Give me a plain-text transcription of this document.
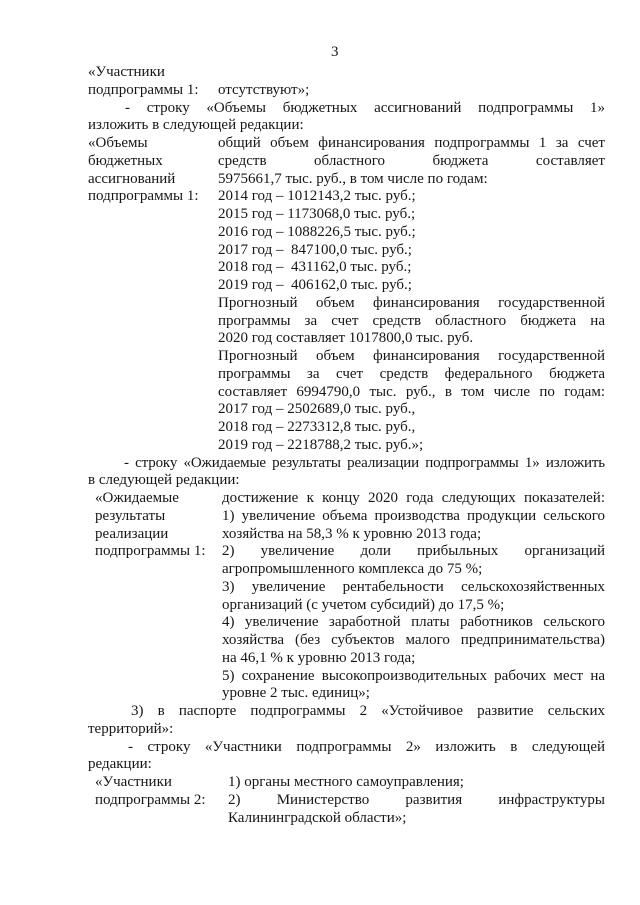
3
«Участники
подпрограммы 1:	отсутствуют»;
- строку «Объемы бюджетных ассигнований подпрограммы 1»
изложить в следующей редакции:
«Объемы
бюджетных
ассигнований
подпрограммы 1:
общий объем финансирования подпрограммы 1 за счет
средств областного бюджета составляет
5975661,7 тыс. руб., в том числе по годам:
2014 год – 1012143,2 тыс. руб.;
2015 год – 1173068,0 тыс. руб.;
2016 год – 1088226,5 тыс. руб.;
2017 год –  847100,0 тыс. руб.;
2018 год –  431162,0 тыс. руб.;
2019 год –  406162,0 тыс. руб.;
Прогнозный объем финансирования государственной
программы за счет средств областного бюджета на
2020 год составляет 1017800,0 тыс. руб.
Прогнозный объем финансирования государственной
программы за счет средств федерального бюджета
составляет 6994790,0 тыс. руб., в том числе по годам:
2017 год – 2502689,0 тыс. руб.,
2018 год – 2273312,8 тыс. руб.,
2019 год – 2218788,2 тыс. руб.»;
- строку «Ожидаемые результаты реализации подпрограммы 1» изложить
в следующей редакции:
«Ожидаемые
результаты
реализации
подпрограммы 1:
достижение к концу 2020 года следующих показателей:
1) увеличение объема производства продукции сельского
хозяйства на 58,3 % к уровню 2013 года;
2) увеличение доли прибыльных организаций
агропромышленного комплекса до 75 %;
3) увеличение рентабельности сельскохозяйственных
организаций (с учетом субсидий) до 17,5 %;
4) увеличение заработной платы работников сельского
хозяйства (без субъектов малого предпринимательства)
на 46,1 % к уровню 2013 года;
5) сохранение высокопроизводительных рабочих мест на
уровне 2 тыс. единиц»;
3) в паспорте подпрограммы 2 «Устойчивое развитие сельских
территорий»:
- строку «Участники подпрограммы 2» изложить в следующей
редакции:
«Участники
подпрограммы 2:
1) органы местного самоуправления;
2) Министерство развития инфраструктуры
Калининградской области»;
